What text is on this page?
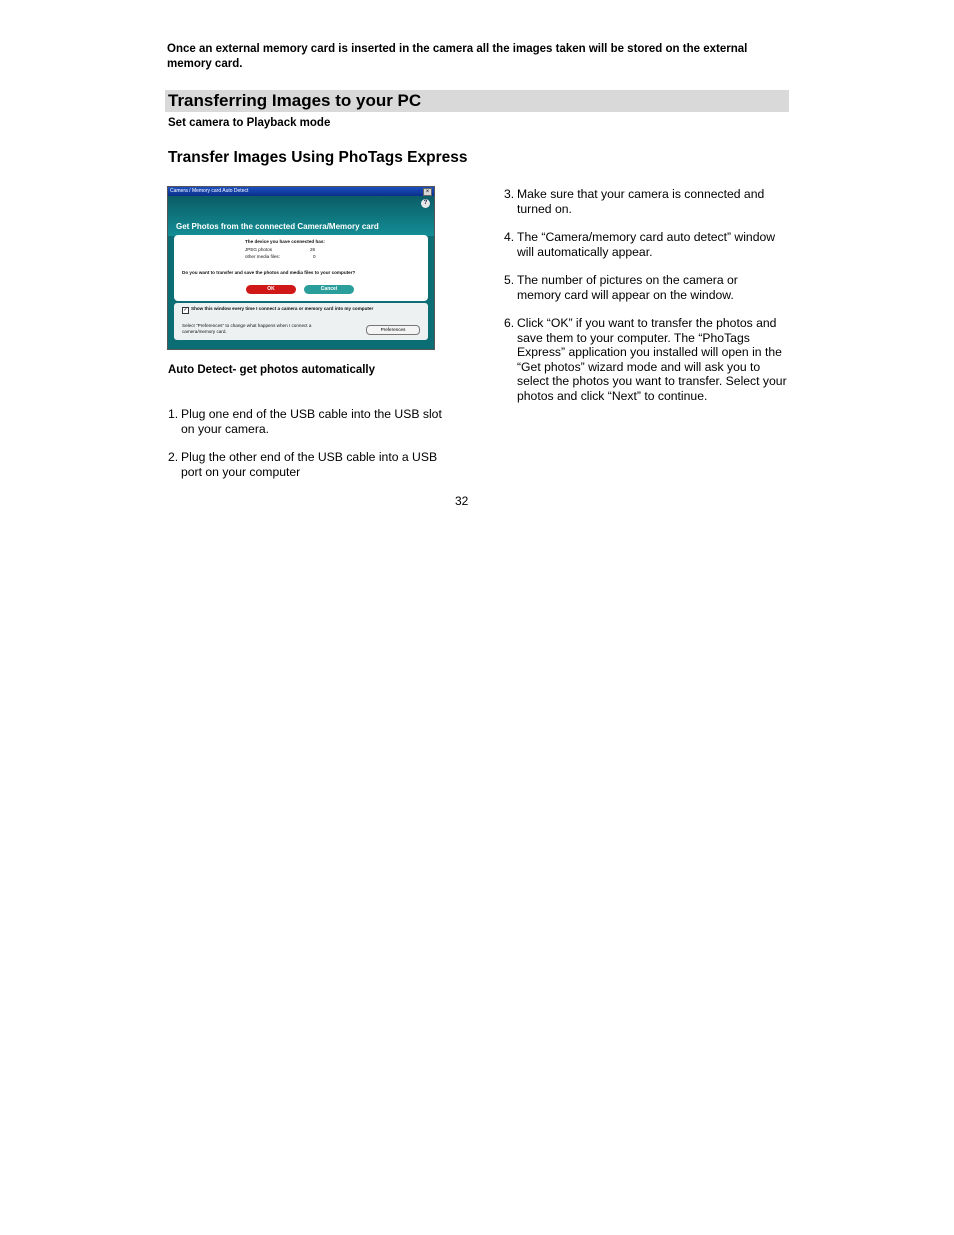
Once an external memory card is inserted in the camera all the images taken will be stored on the external memory card.
Transferring Images to your PC
Set camera to Playback mode
Transfer Images Using PhoTags Express
Camera / Memory card Auto Detect	×
?
Get Photos from the connected Camera/Memory card
The device you have connected has:
JPEG photos	26
other media files:	0
Do you want to transfer and save the photos and media files to your computer?
OK	Cancel
✓ Show this window every time I connect a camera or memory card into my computer
Select "Preferences" to change what happens when I connect a
camera/memory card.	Preferences
Auto Detect- get photos automatically
1. Plug one end of the USB cable into the USB slot
on your camera.
2. Plug the other end of the USB cable into a USB
port on your computer
3. Make sure that your camera is connected and
turned on.
4. The “Camera/memory card auto detect” window
will automatically appear.
5. The number of pictures on the camera or
memory card will appear on the window.
6. Click “OK” if you want to transfer the photos and
save them to your computer. The “PhoTags Express” application you installed will open in the “Get photos” wizard mode and will ask you to select the photos you want to transfer. Select your photos and click “Next” to continue.
32
